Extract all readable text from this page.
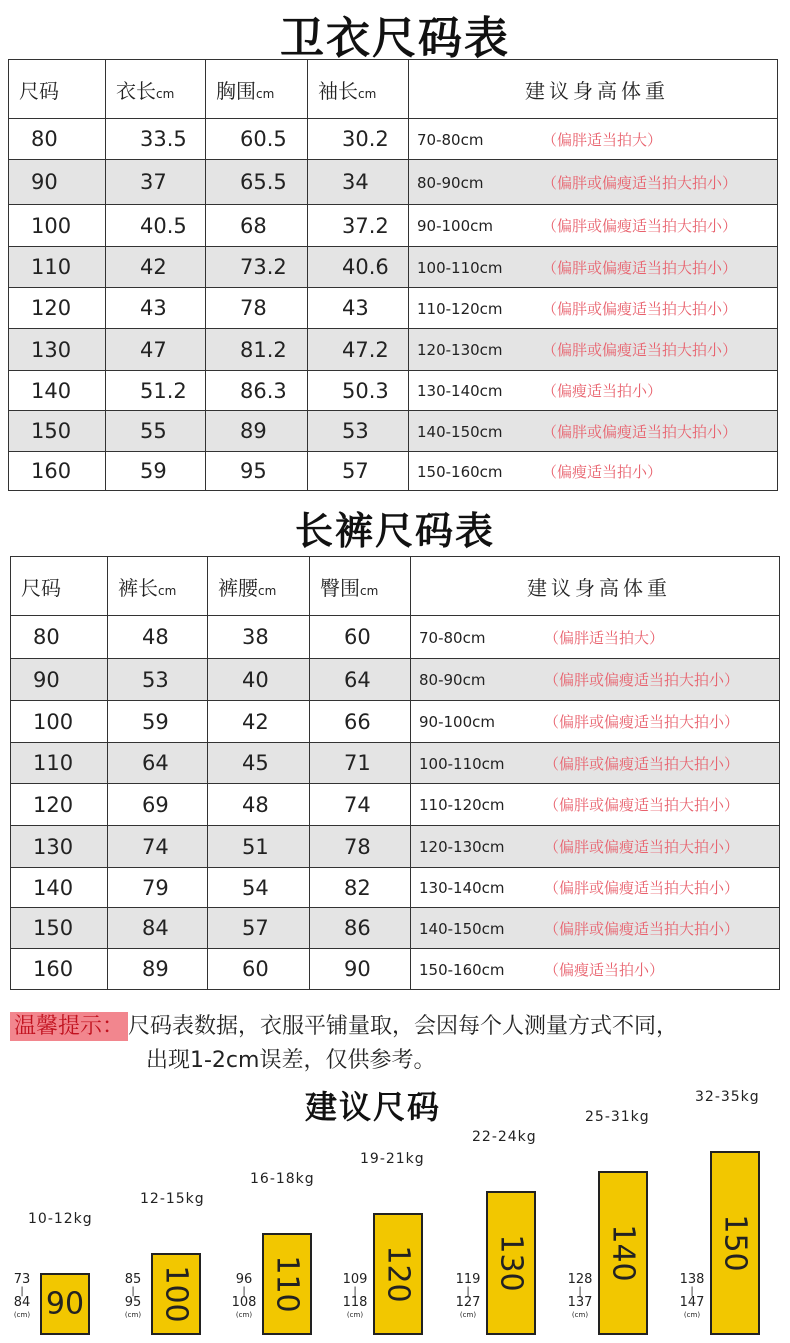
卫衣尺码表
尺码	衣长cm	胸围cm	袖长cm	建议身高体重
80	33.5	60.5	30.2	70-80cm （偏胖适当拍大）
90	37	65.5	34	80-90cm （偏胖或偏瘦适当拍大拍小）
100	40.5	68	37.2	90-100cm （偏胖或偏瘦适当拍大拍小）
110	42	73.2	40.6	100-110cm （偏胖或偏瘦适当拍大拍小）
120	43	78	43	110-120cm （偏胖或偏瘦适当拍大拍小）
130	47	81.2	47.2	120-130cm （偏胖或偏瘦适当拍大拍小）
140	51.2	86.3	50.3	130-140cm （偏瘦适当拍小）
150	55	89	53	140-150cm （偏胖或偏瘦适当拍大拍小）
160	59	95	57	150-160cm （偏瘦适当拍小）
长裤尺码表
尺码	裤长cm	裤腰cm	臀围cm	建议身高体重
80	48	38	60	70-80cm （偏胖适当拍大）
90	53	40	64	80-90cm （偏胖或偏瘦适当拍大拍小）
100	59	42	66	90-100cm （偏胖或偏瘦适当拍大拍小）
110	64	45	71	100-110cm （偏胖或偏瘦适当拍大拍小）
120	69	48	74	110-120cm （偏胖或偏瘦适当拍大拍小）
130	74	51	78	120-130cm （偏胖或偏瘦适当拍大拍小）
140	79	54	82	130-140cm （偏胖或偏瘦适当拍大拍小）
150	84	57	86	140-150cm （偏胖或偏瘦适当拍大拍小）
160	89	60	90	150-160cm （偏瘦适当拍小）
温馨提示： 尺码表数据，衣服平铺量取，会因每个人测量方式不同，
出现1-2cm误差，仅供参考。
建议尺码
10-12kg
90
73
|
84
(cm)
12-15kg
100
85
|
95
(cm)
16-18kg
110
96
|
108
(cm)
19-21kg
120
109
|
118
(cm)
22-24kg
130
119
|
127
(cm)
25-31kg
140
128
|
137
(cm)
32-35kg
150
138
|
147
(cm)
